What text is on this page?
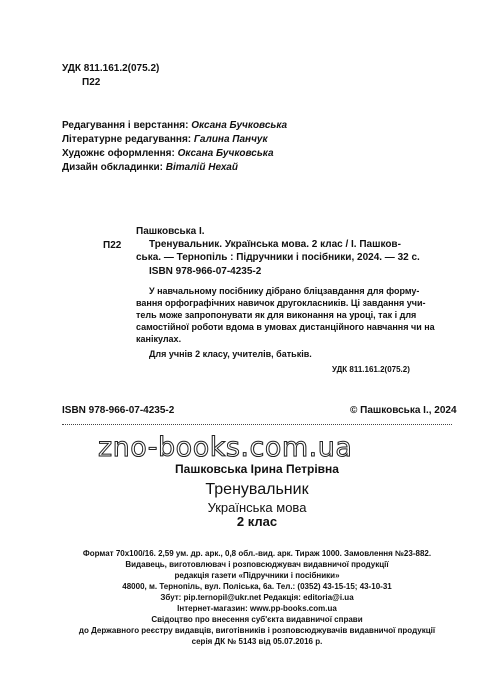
УДК 811.161.2(075.2)
П22
Редагування і верстання: Оксана Бучковська
Літературне редагування: Галина Панчук
Художнє оформлення: Оксана Бучковська
Дизайн обкладинки: Віталій Нехай
Пашковська І.
П22	Тренувальник. Українська мова. 2 клас / І. Пашков-
ська. — Тернопіль : Підручники і посібники, 2024. — 32 с.
ISBN 978-966-07-4235-2
У навчальному посібнику дібрано бліцзавдання для форму-
вання орфографічних навичок другокласників. Ці завдання учи-
тель може запропонувати як для виконання на уроці, так і для
самостійної роботи вдома в умовах дистанційного навчання чи на
канікулах.
Для учнів 2 класу, учителів, батьків.
УДК 811.161.2(075.2)
ISBN 978-966-07-4235-2	© Пашковська І., 2024
zno-books.com.ua
Пашковська Ірина Петрівна
Тренувальник
Українська мова
2 клас
Формат 70х100/16. 2,59 ум. др. арк., 0,8 обл.-вид. арк. Тираж 1000. Замовлення №23-882.
Видавець, виготовлювач і розповсюджувач видавничої продукції
редакція газети «Підручники і посібники»
48000, м. Тернопіль, вул. Поліська, 6а. Тел.: (0352) 43-15-15; 43-10-31
Збут: pip.ternopil@ukr.net Редакція: editoria@i.ua
Інтернет-магазин: www.pp-books.com.ua
Свідоцтво про внесення суб'єкта видавничої справи
до Державного реєстру видавців, виготівників і розповсюджувачів видавничої продукції
серія ДК № 5143 від 05.07.2016 р.
